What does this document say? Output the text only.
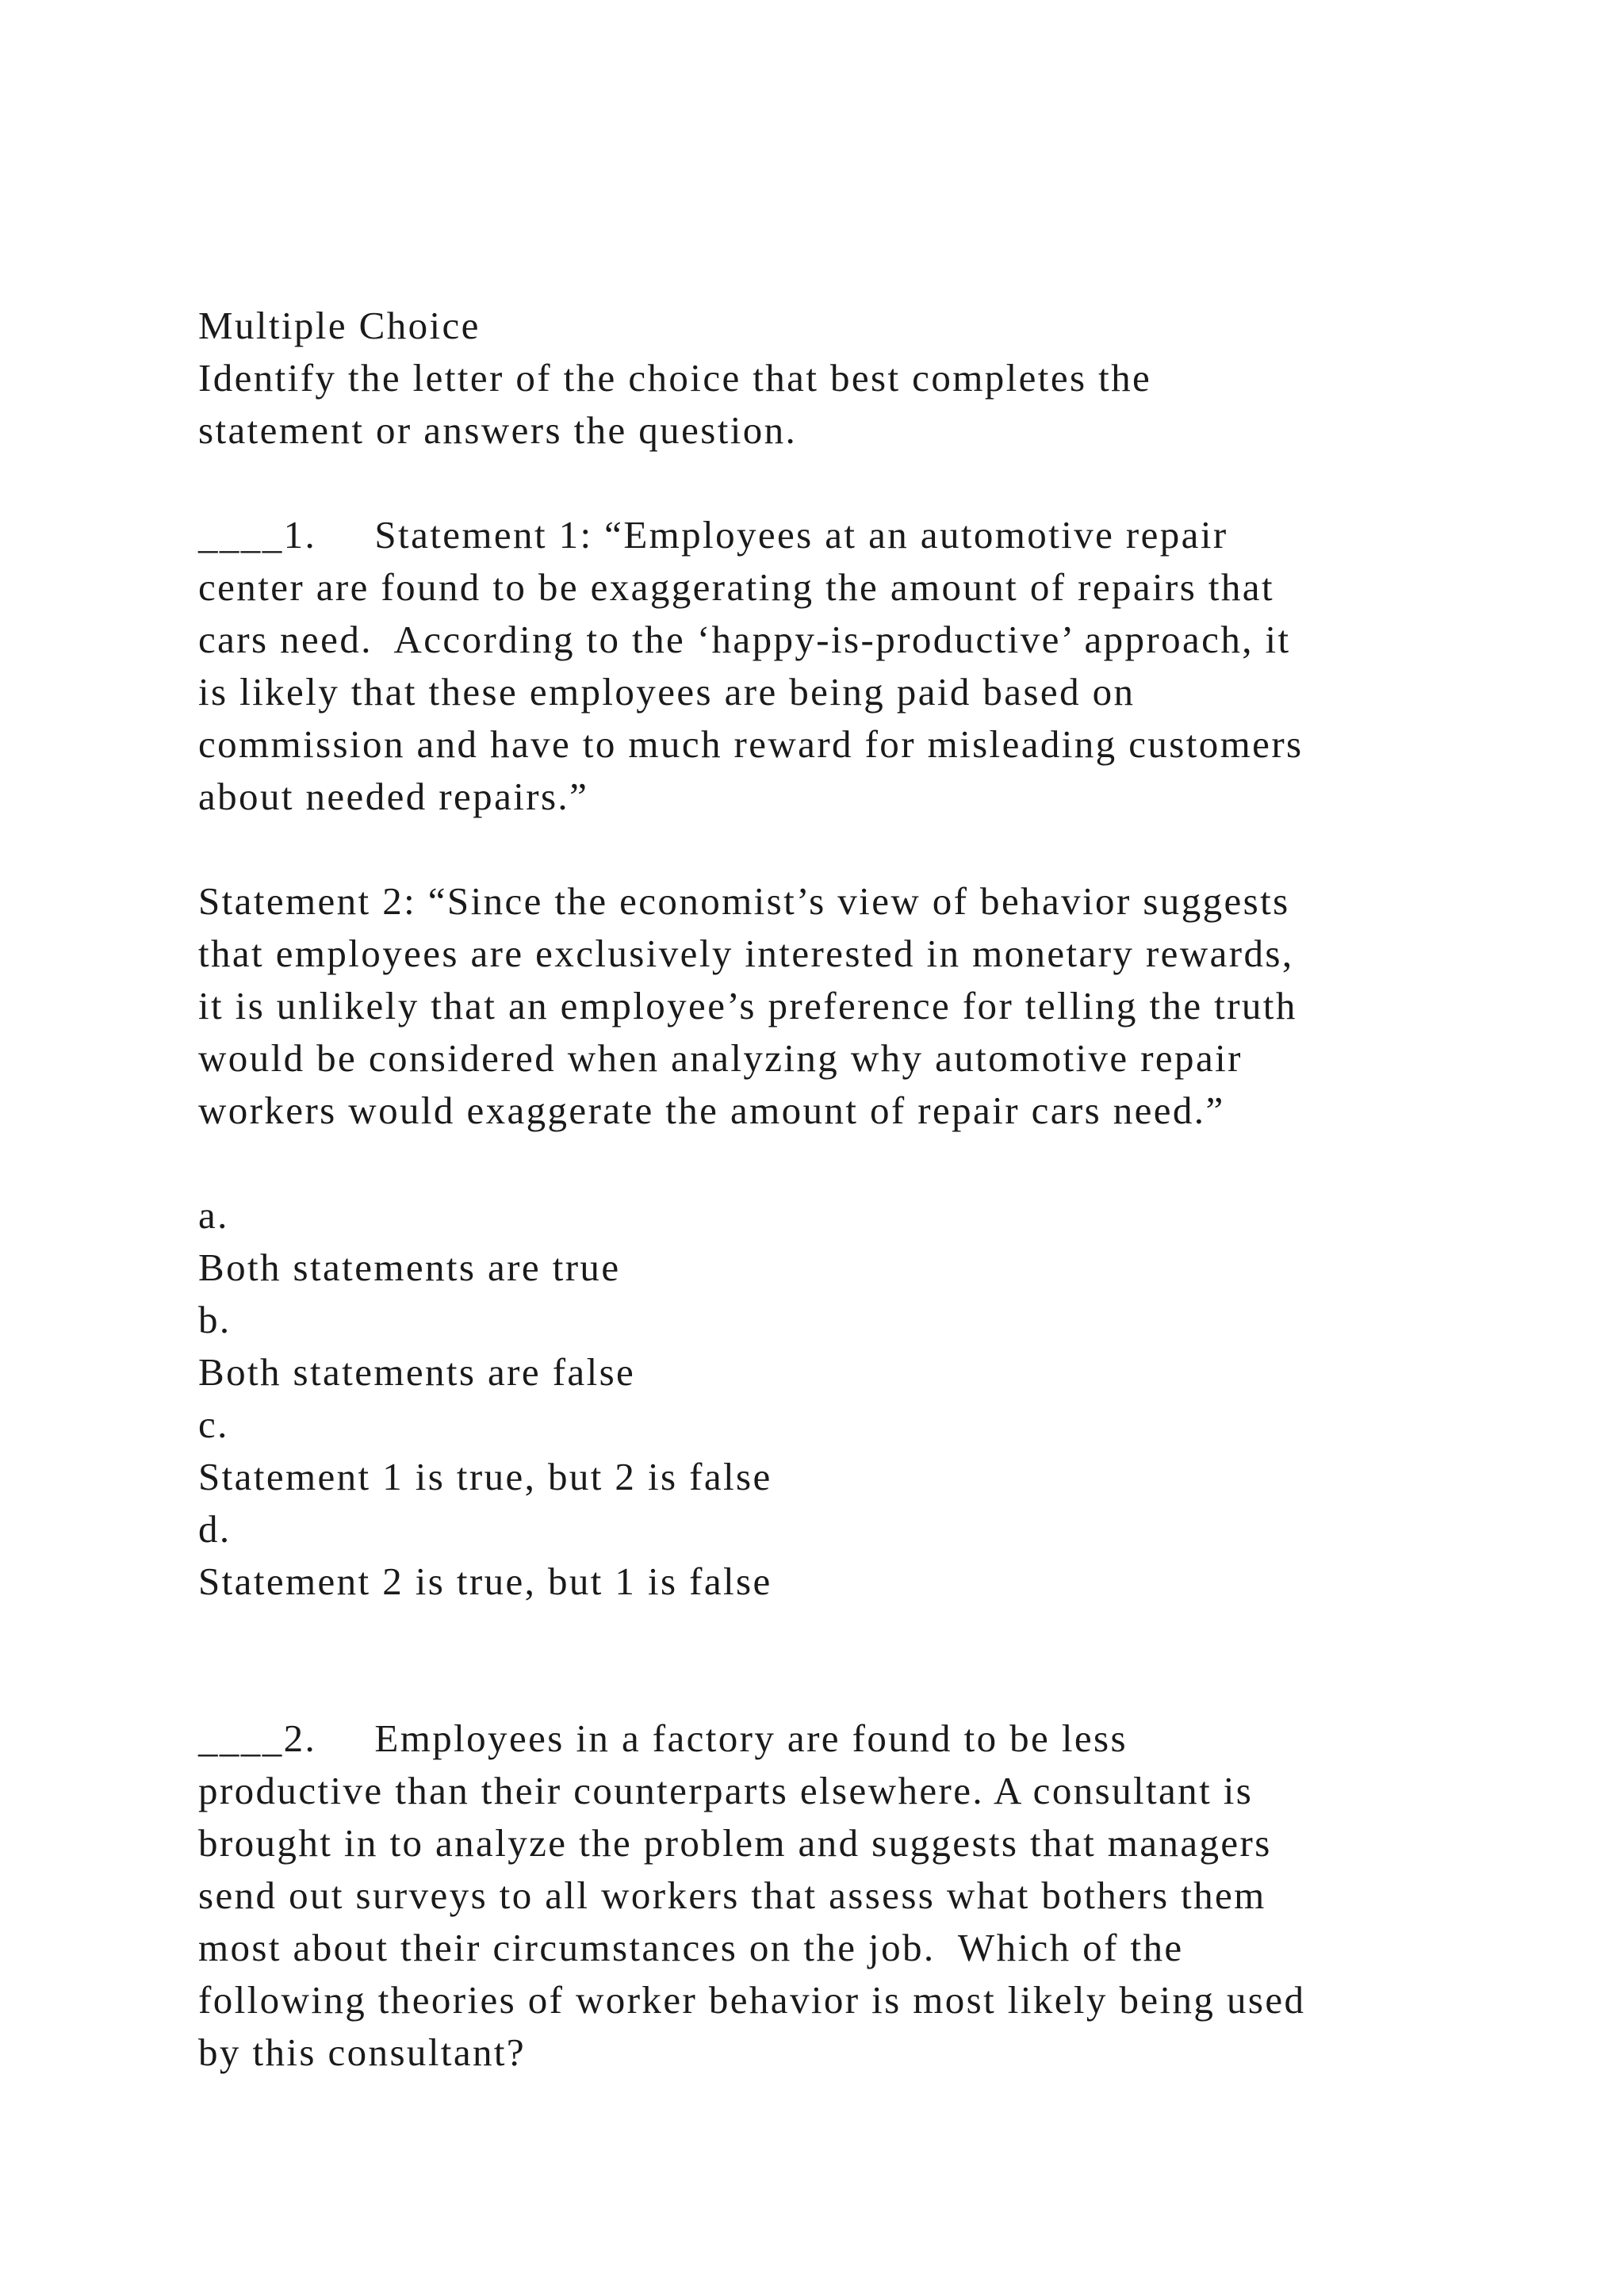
Multiple Choice
Identify the letter of the choice that best completes the
statement or answers the question.
____1.     Statement 1: “Employees at an automotive repair
center are found to be exaggerating the amount of repairs that
cars need.  According to the ‘happy-is-productive’ approach, it
is likely that these employees are being paid based on
commission and have to much reward for misleading customers
about needed repairs.”
Statement 2: “Since the economist’s view of behavior suggests
that employees are exclusively interested in monetary rewards,
it is unlikely that an employee’s preference for telling the truth
would be considered when analyzing why automotive repair
workers would exaggerate the amount of repair cars need.”
a.
Both statements are true
b.
Both statements are false
c.
Statement 1 is true, but 2 is false
d.
Statement 2 is true, but 1 is false
____2.     Employees in a factory are found to be less
productive than their counterparts elsewhere. A consultant is
brought in to analyze the problem and suggests that managers
send out surveys to all workers that assess what bothers them
most about their circumstances on the job.  Which of the
following theories of worker behavior is most likely being used
by this consultant?
